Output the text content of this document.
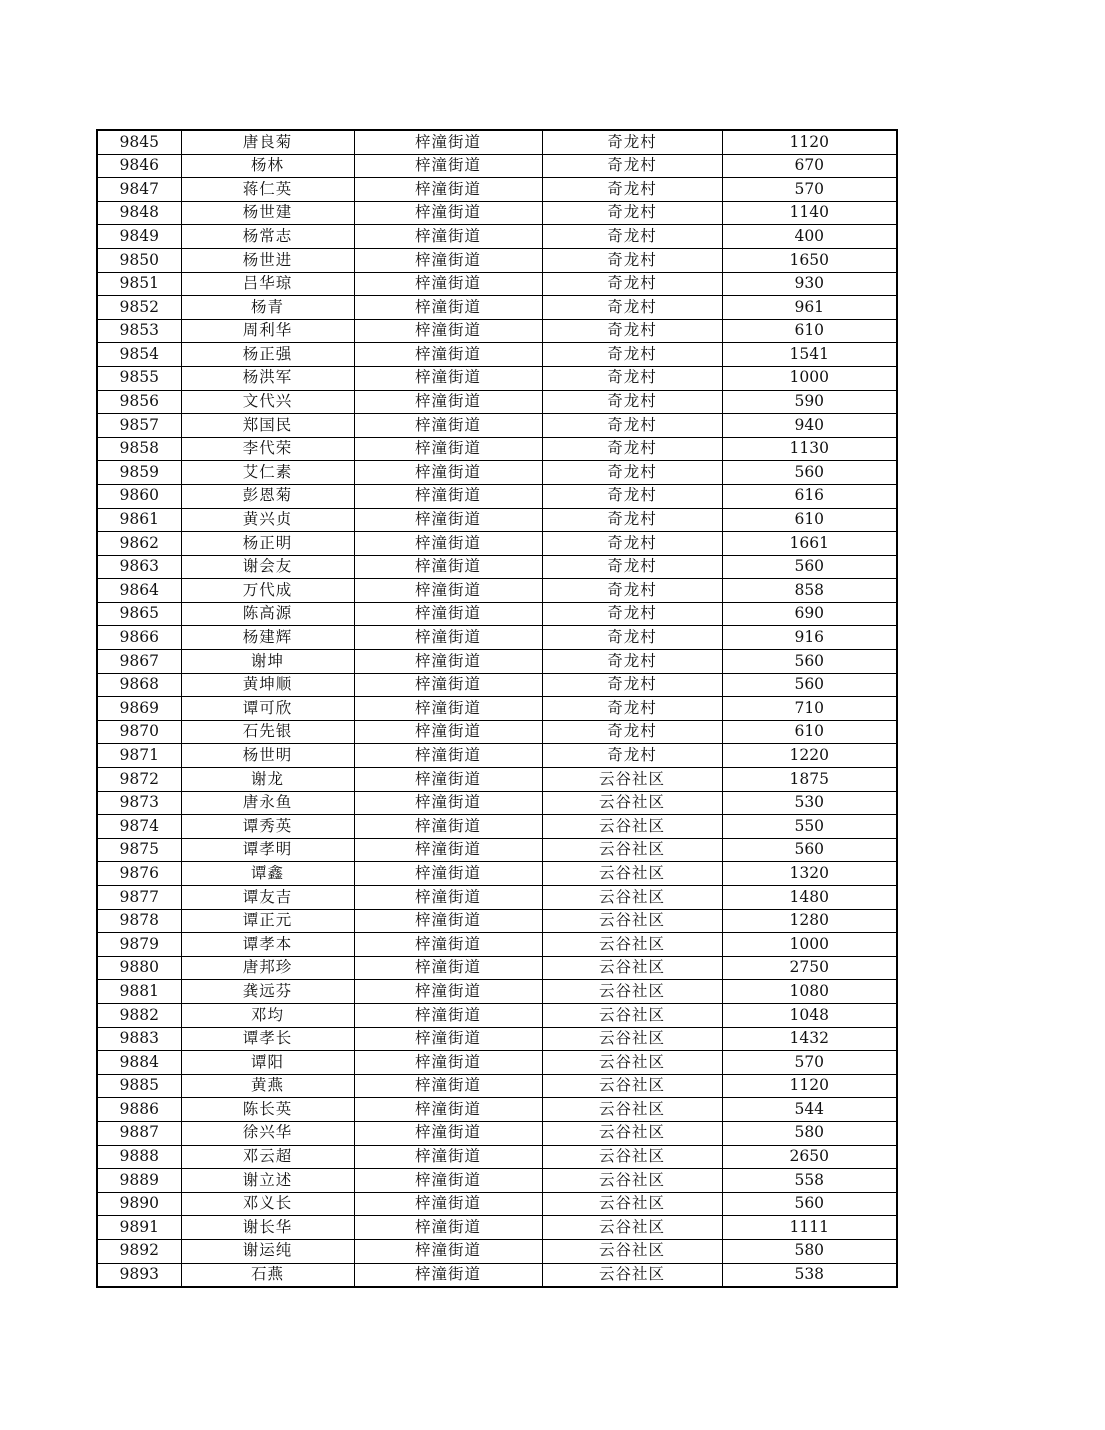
9845	唐良菊	梓潼街道	奇龙村	1120
9846	杨林	梓潼街道	奇龙村	670
9847	蒋仁英	梓潼街道	奇龙村	570
9848	杨世建	梓潼街道	奇龙村	1140
9849	杨常志	梓潼街道	奇龙村	400
9850	杨世进	梓潼街道	奇龙村	1650
9851	吕华琼	梓潼街道	奇龙村	930
9852	杨青	梓潼街道	奇龙村	961
9853	周利华	梓潼街道	奇龙村	610
9854	杨正强	梓潼街道	奇龙村	1541
9855	杨洪军	梓潼街道	奇龙村	1000
9856	文代兴	梓潼街道	奇龙村	590
9857	郑国民	梓潼街道	奇龙村	940
9858	李代荣	梓潼街道	奇龙村	1130
9859	艾仁素	梓潼街道	奇龙村	560
9860	彭恩菊	梓潼街道	奇龙村	616
9861	黄兴贞	梓潼街道	奇龙村	610
9862	杨正明	梓潼街道	奇龙村	1661
9863	谢会友	梓潼街道	奇龙村	560
9864	万代成	梓潼街道	奇龙村	858
9865	陈高源	梓潼街道	奇龙村	690
9866	杨建辉	梓潼街道	奇龙村	916
9867	谢坤	梓潼街道	奇龙村	560
9868	黄坤顺	梓潼街道	奇龙村	560
9869	谭可欣	梓潼街道	奇龙村	710
9870	石先银	梓潼街道	奇龙村	610
9871	杨世明	梓潼街道	奇龙村	1220
9872	谢龙	梓潼街道	云谷社区	1875
9873	唐永鱼	梓潼街道	云谷社区	530
9874	谭秀英	梓潼街道	云谷社区	550
9875	谭孝明	梓潼街道	云谷社区	560
9876	谭鑫	梓潼街道	云谷社区	1320
9877	谭友吉	梓潼街道	云谷社区	1480
9878	谭正元	梓潼街道	云谷社区	1280
9879	谭孝本	梓潼街道	云谷社区	1000
9880	唐邦珍	梓潼街道	云谷社区	2750
9881	龚远芬	梓潼街道	云谷社区	1080
9882	邓均	梓潼街道	云谷社区	1048
9883	谭孝长	梓潼街道	云谷社区	1432
9884	谭阳	梓潼街道	云谷社区	570
9885	黄燕	梓潼街道	云谷社区	1120
9886	陈长英	梓潼街道	云谷社区	544
9887	徐兴华	梓潼街道	云谷社区	580
9888	邓云超	梓潼街道	云谷社区	2650
9889	谢立述	梓潼街道	云谷社区	558
9890	邓义长	梓潼街道	云谷社区	560
9891	谢长华	梓潼街道	云谷社区	1111
9892	谢运纯	梓潼街道	云谷社区	580
9893	石燕	梓潼街道	云谷社区	538
